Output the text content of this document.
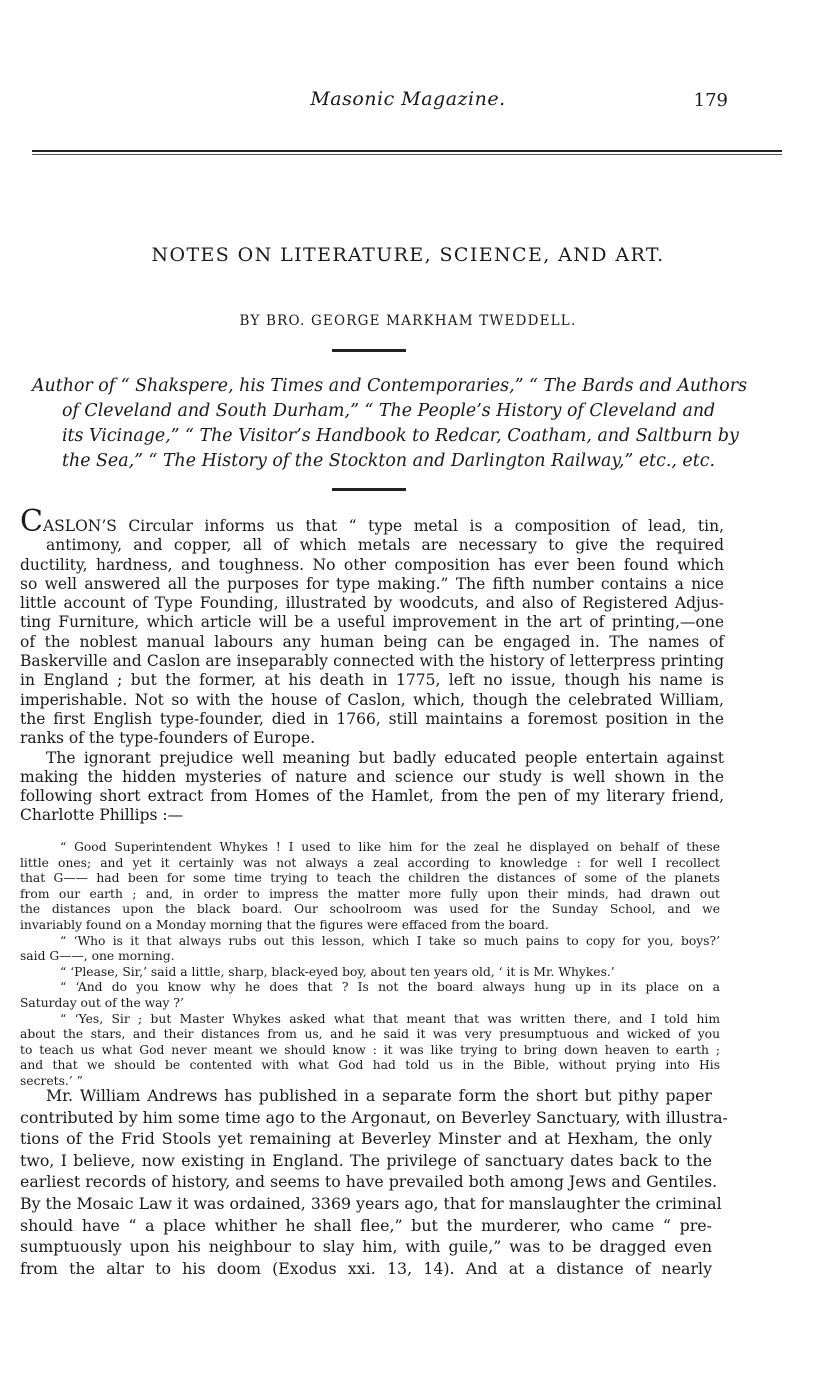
Masonic Magazine.	179
NOTES ON LITERATURE, SCIENCE, AND ART.
BY BRO. GEORGE MARKHAM TWEDDELL.
Author of “ Shakspere, his Times and Contemporaries,” “ The Bards and Authors
of Cleveland and South Durham,” “ The People’s History of Cleveland and
its Vicinage,” “ The Visitor’s Handbook to Redcar, Coatham, and Saltburn by
the Sea,” “ The History of the Stockton and Darlington Railway,” etc., etc.
CASLON’S Circular informs us that “ type metal is a composition of lead, tin,
antimony, and copper, all of which metals are necessary to give the required
ductility, hardness, and toughness. No other composition has ever been found which
so well answered all the purposes for type making.” The fifth number contains a nice
little account of Type Founding, illustrated by woodcuts, and also of Registered Adjus-
ting Furniture, which article will be a useful improvement in the art of printing,—one
of the noblest manual labours any human being can be engaged in. The names of
Baskerville and Caslon are inseparably connected with the history of letterpress printing
in England ; but the former, at his death in 1775, left no issue, though his name is
imperishable. Not so with the house of Caslon, which, though the celebrated William,
the first English type-founder, died in 1766, still maintains a foremost position in the
ranks of the type-founders of Europe.
The ignorant prejudice well meaning but badly educated people entertain against
making the hidden mysteries of nature and science our study is well shown in the
following short extract from Homes of the Hamlet, from the pen of my literary friend,
Charlotte Phillips :—
“ Good Superintendent Whykes ! I used to like him for the zeal he displayed on behalf of these
little ones; and yet it certainly was not always a zeal according to knowledge : for well I recollect
that G—— had been for some time trying to teach the children the distances of some of the planets
from our earth ; and, in order to impress the matter more fully upon their minds, had drawn out
the distances upon the black board. Our schoolroom was used for the Sunday School, and we
invariably found on a Monday morning that the figures were effaced from the board.
“ ‘Who is it that always rubs out this lesson, which I take so much pains to copy for you, boys?’
said G——, one morning.
“ ‘Please, Sir,’ said a little, sharp, black-eyed boy, about ten years old, ‘ it is Mr. Whykes.’
“ ‘And do you know why he does that ? Is not the board always hung up in its place on a
Saturday out of the way ?’
“ ‘Yes, Sir ; but Master Whykes asked what that meant that was written there, and I told him
about the stars, and their distances from us, and he said it was very presumptuous and wicked of you
to teach us what God never meant we should know : it was like trying to bring down heaven to earth ;
and that we should be contented with what God had told us in the Bible, without prying into His
secrets.’ ”
Mr. William Andrews has published in a separate form the short but pithy paper
contributed by him some time ago to the Argonaut, on Beverley Sanctuary, with illustra-
tions of the Frid Stools yet remaining at Beverley Minster and at Hexham, the only
two, I believe, now existing in England. The privilege of sanctuary dates back to the
earliest records of history, and seems to have prevailed both among Jews and Gentiles.
By the Mosaic Law it was ordained, 3369 years ago, that for manslaughter the criminal
should have “ a place whither he shall flee,” but the murderer, who came “ pre-
sumptuously upon his neighbour to slay him, with guile,” was to be dragged even
from the altar to his doom (Exodus xxi. 13, 14). And at a distance of nearly
